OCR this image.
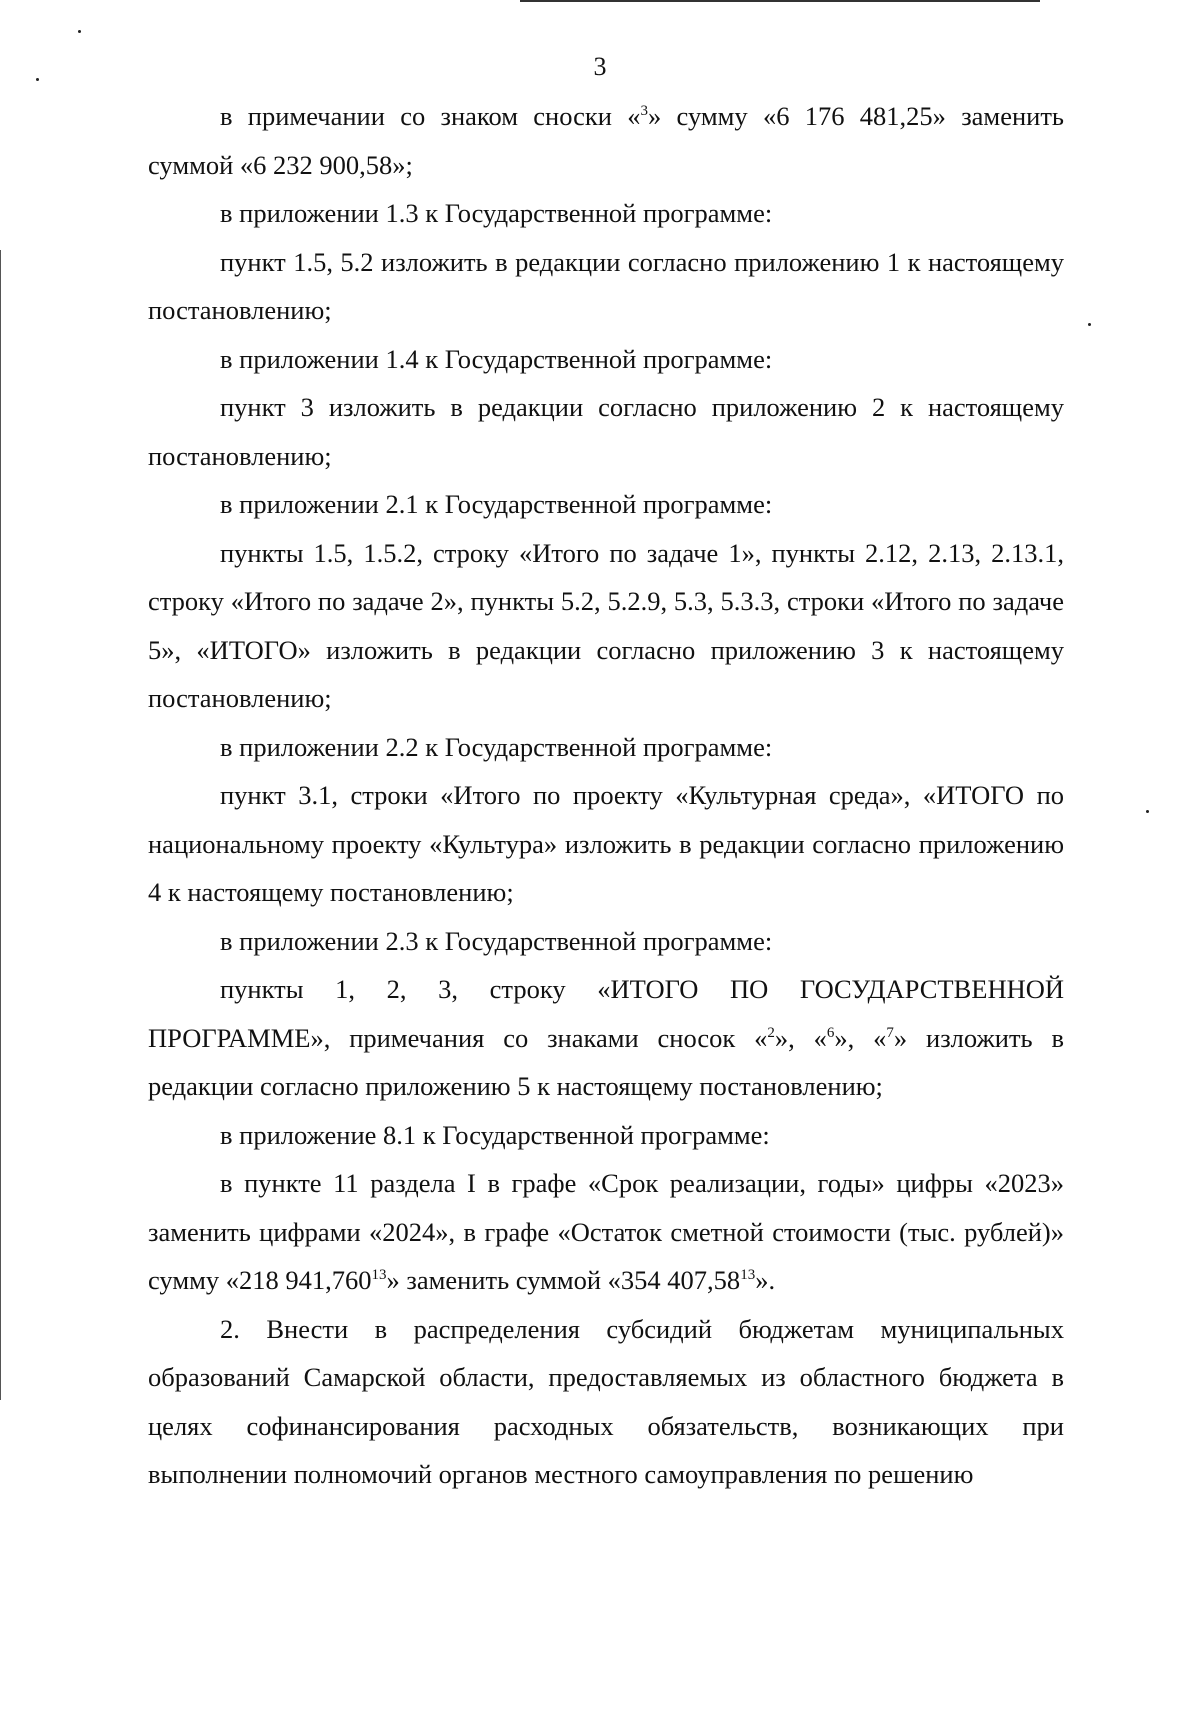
3

в примечании со знаком сноски «$^3$» сумму «6 176 481,25» заменить суммой «6 232 900,58»;

в приложении 1.3 к Государственной программе:

пункт 1.5, 5.2 изложить в редакции согласно приложению 1 к настоящему постановлению;

в приложении 1.4 к Государственной программе:

пункт 3 изложить в редакции согласно приложению 2 к настоящему постановлению;

в приложении 2.1 к Государственной программе:

пункты 1.5, 1.5.2, строку «Итого по задаче 1», пункты 2.12, 2.13, 2.13.1, строку «Итого по задаче 2», пункты 5.2, 5.2.9, 5.3, 5.3.3, строки «Итого по задаче 5», «ИТОГО» изложить в редакции согласно приложению 3 к настоящему постановлению;

в приложении 2.2 к Государственной программе:

пункт 3.1, строки «Итого по проекту «Культурная среда», «ИТОГО по национальному проекту «Культура» изложить в редакции согласно приложению 4 к настоящему постановлению;

в приложении 2.3 к Государственной программе:

пункты 1, 2, 3, строку «ИТОГО ПО ГОСУДАРСТВЕННОЙ ПРОГРАММЕ», примечания со знаками сносок «$^2$», «$^6$», «$^7$» изложить в редакции согласно приложению 5 к настоящему постановлению;

в приложение 8.1 к Государственной программе:

в пункте 11 раздела I в графе «Срок реализации, годы» цифры «2023» заменить цифрами «2024», в графе «Остаток сметной стоимости (тыс. рублей)» сумму «218 941,760$^{13}$» заменить суммой «354 407,58$^{13}$».

2. Внести в распределения субсидий бюджетам муниципальных образований Самарской области, предоставляемых из областного бюджета в целях софинансирования расходных обязательств, возникающих при выполнении полномочий органов местного самоуправления по решению
